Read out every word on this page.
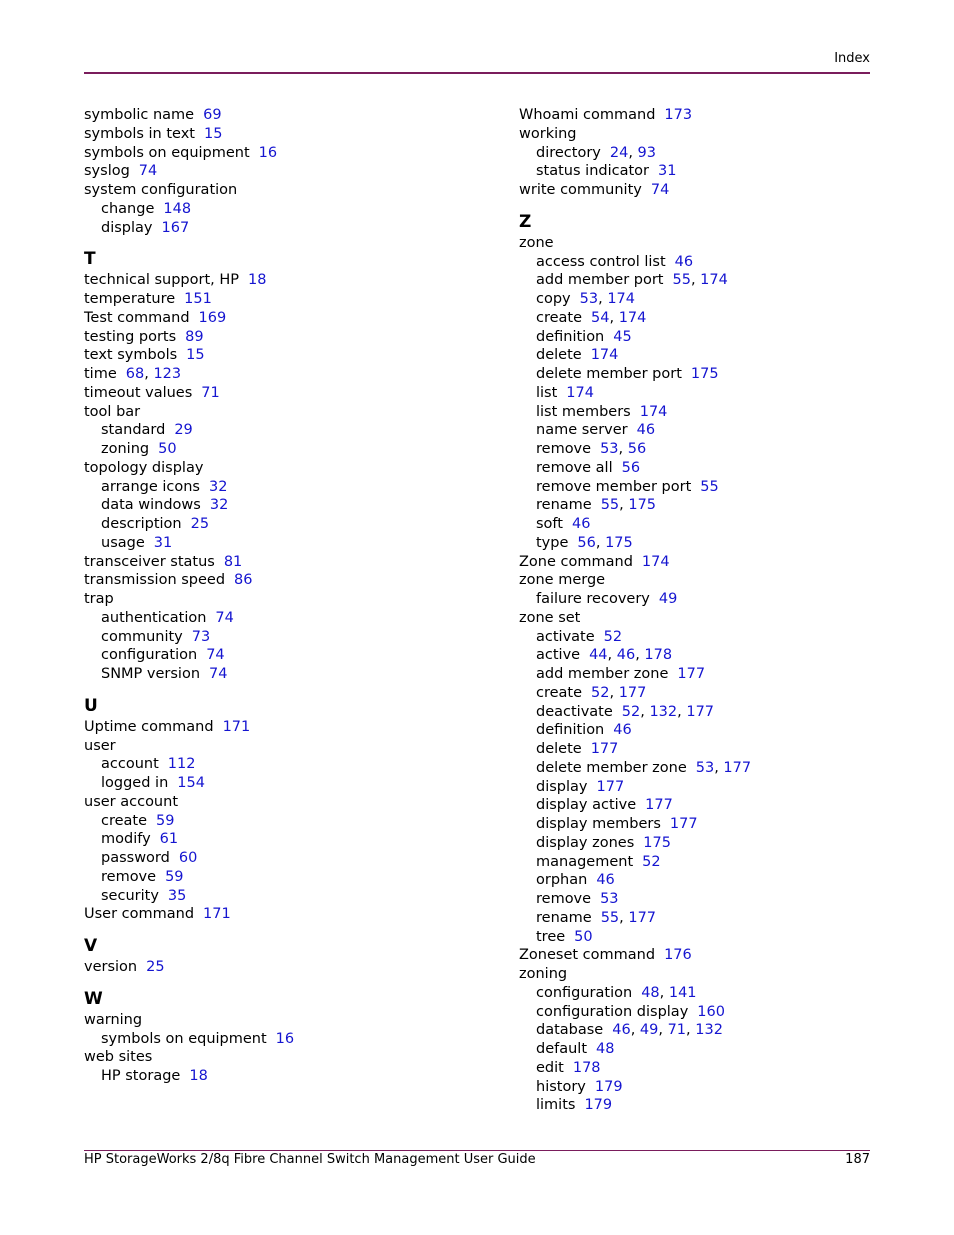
Index
symbolic name 69
symbols in text 15
symbols on equipment 16
syslog 74
system configuration
change 148
display 167
T
technical support, HP 18
temperature 151
Test command 169
testing ports 89
text symbols 15
time 68, 123
timeout values 71
tool bar
standard 29
zoning 50
topology display
arrange icons 32
data windows 32
description 25
usage 31
transceiver status 81
transmission speed 86
trap
authentication 74
community 73
configuration 74
SNMP version 74
U
Uptime command 171
user
account 112
logged in 154
user account
create 59
modify 61
password 60
remove 59
security 35
User command 171
V
version 25
W
warning
symbols on equipment 16
web sites
HP storage 18
Whoami command 173
working
directory 24, 93
status indicator 31
write community 74
Z
zone
access control list 46
add member port 55, 174
copy 53, 174
create 54, 174
definition 45
delete 174
delete member port 175
list 174
list members 174
name server 46
remove 53, 56
remove all 56
remove member port 55
rename 55, 175
soft 46
type 56, 175
Zone command 174
zone merge
failure recovery 49
zone set
activate 52
active 44, 46, 178
add member zone 177
create 52, 177
deactivate 52, 132, 177
definition 46
delete 177
delete member zone 53, 177
display 177
display active 177
display members 177
display zones 175
management 52
orphan 46
remove 53
rename 55, 177
tree 50
Zoneset command 176
zoning
configuration 48, 141
configuration display 160
database 46, 49, 71, 132
default 48
edit 178
history 179
limits 179
HP StorageWorks 2/8q Fibre Channel Switch Management User Guide	187
